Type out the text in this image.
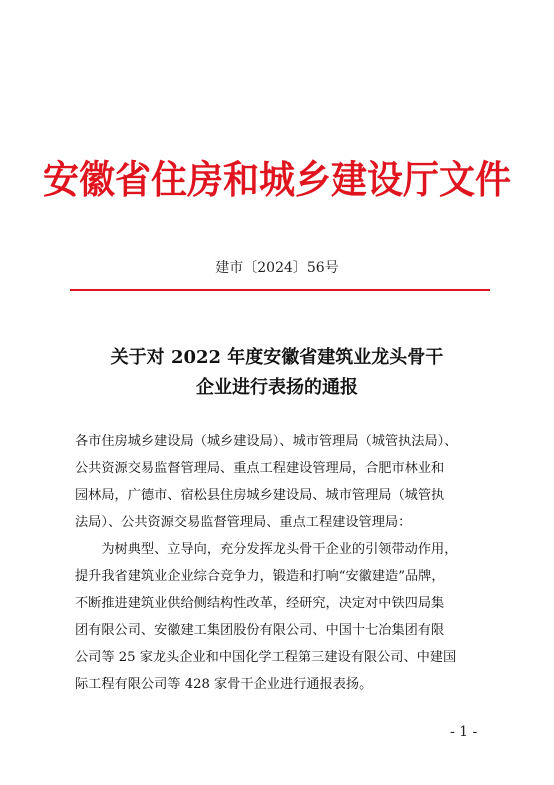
安徽省住房和城乡建设厅文件
建市〔2024〕56号
关于对 2022 年度安徽省建筑业龙头骨干
企业进行表扬的通报
各市住房城乡建设局（城乡建设局）、城市管理局（城管执法局）、
公共资源交易监督管理局、重点工程建设管理局，合肥市林业和
园林局，广德市、宿松县住房城乡建设局、城市管理局（城管执
法局）、公共资源交易监督管理局、重点工程建设管理局：
　　为树典型、立导向，充分发挥龙头骨干企业的引领带动作用，
提升我省建筑业企业综合竞争力，锻造和打响“安徽建造”品牌，
不断推进建筑业供给侧结构性改革，经研究，决定对中铁四局集
团有限公司、安徽建工集团股份有限公司、中国十七冶集团有限
公司等 25 家龙头企业和中国化学工程第三建设有限公司、中建国
际工程有限公司等 428 家骨干企业进行通报表扬。
- 1 -
